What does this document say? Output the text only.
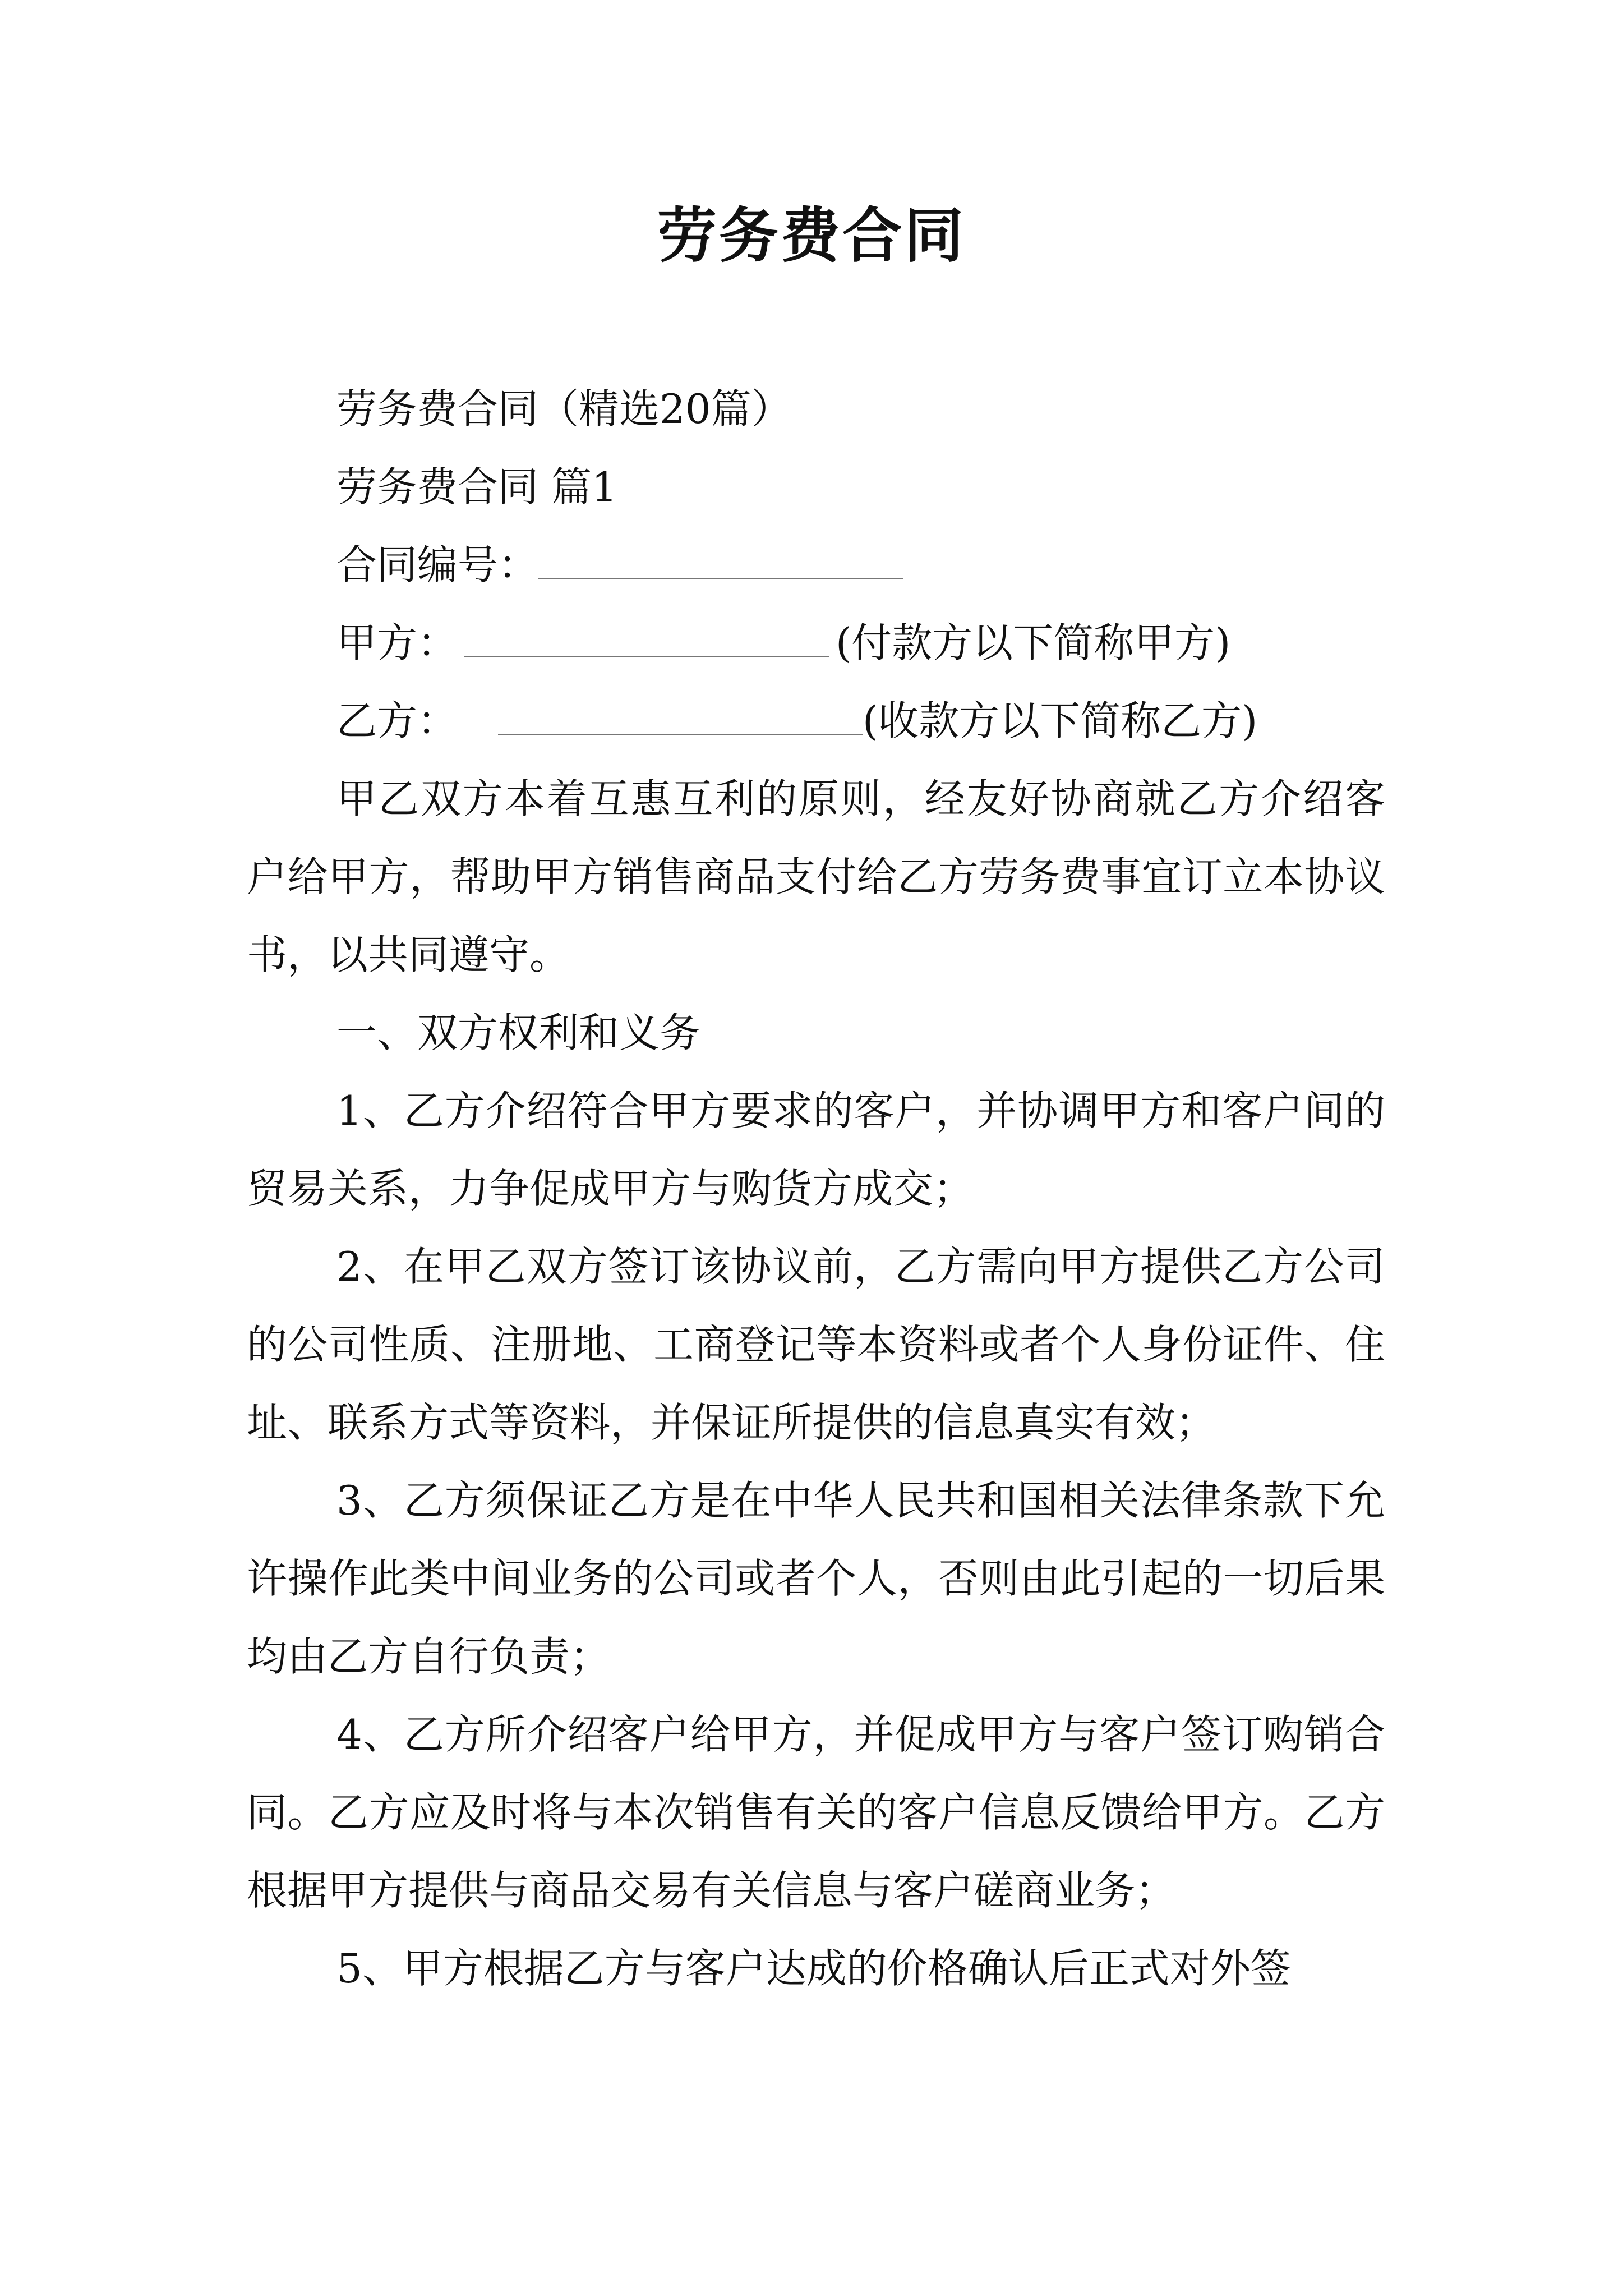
劳务费合同
劳务费合同（精选20篇）
劳务费合同 篇1
合同编号：
甲方：	(付款方以下简称甲方)
乙方：	(收款方以下简称乙方)
甲乙双方本着互惠互利的原则，经友好协商就乙方介绍客户给甲方，帮助甲方销售商品支付给乙方劳务费事宜订立本协议书，以共同遵守。
一、双方权利和义务
1、乙方介绍符合甲方要求的客户，并协调甲方和客户间的贸易关系，力争促成甲方与购货方成交；
2、在甲乙双方签订该协议前，乙方需向甲方提供乙方公司的公司性质、注册地、工商登记等本资料或者个人身份证件、住址、联系方式等资料，并保证所提供的信息真实有效；
3、乙方须保证乙方是在中华人民共和国相关法律条款下允许操作此类中间业务的公司或者个人，否则由此引起的一切后果均由乙方自行负责；
4、乙方所介绍客户给甲方，并促成甲方与客户签订购销合同。乙方应及时将与本次销售有关的客户信息反馈给甲方。乙方根据甲方提供与商品交易有关信息与客户磋商业务；
5、甲方根据乙方与客户达成的价格确认后正式对外签
